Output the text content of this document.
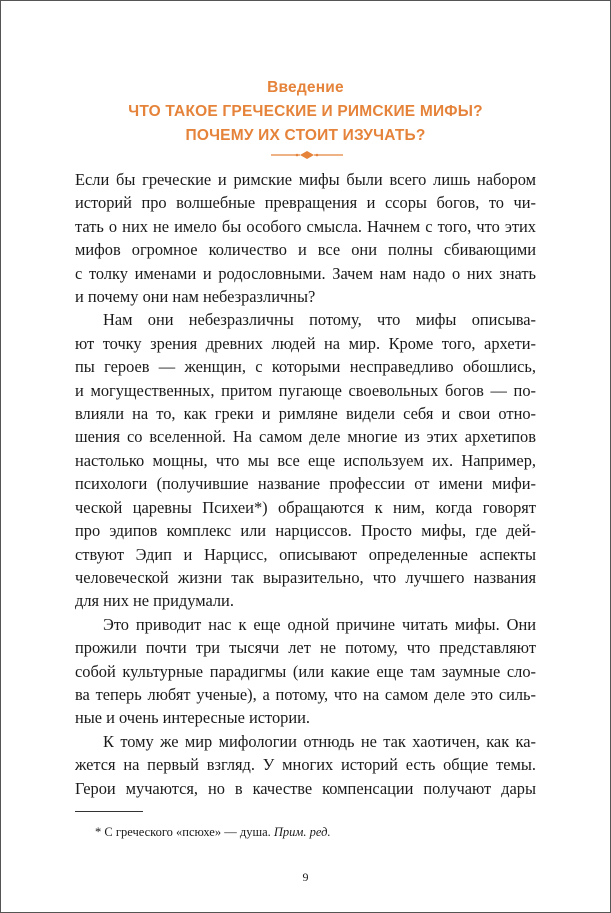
Введение
ЧТО ТАКОЕ ГРЕЧЕСКИЕ И РИМСКИЕ МИФЫ?
ПОЧЕМУ ИХ СТОИТ ИЗУЧАТЬ?

Если бы греческие и римские мифы были всего лишь набором

историй про волшебные превращения и ссоры богов, то чи-

тать о них не имело бы особого смысла. Начнем с того, что этих

мифов огромное количество и все они полны сбивающими

с толку именами и родословными. Зачем нам надо о них знать

и почему они нам небезразличны?

Нам они небезразличны потому, что мифы описыва-

ют точку зрения древних людей на мир. Кроме того, архети-

пы героев — женщин, с которыми несправедливо обошлись,

и могущественных, притом пугающе своевольных богов — по-

влияли на то, как греки и римляне видели себя и свои отно-

шения со вселенной. На самом деле многие из этих архетипов

настолько мощны, что мы все еще используем их. Например,

психологи (получившие название профессии от имени мифи-

ческой царевны Психеи*) обращаются к ним, когда говорят

про эдипов комплекс или нарциссов. Просто мифы, где дей-

ствуют Эдип и Нарцисс, описывают определенные аспекты

человеческой жизни так выразительно, что лучшего названия

для них не придумали.

Это приводит нас к еще одной причине читать мифы. Они

прожили почти три тысячи лет не потому, что представляют

собой культурные парадигмы (или какие еще там заумные сло-

ва теперь любят ученые), а потому, что на самом деле это силь-

ные и очень интересные истории.

К тому же мир мифологии отнюдь не так хаотичен, как ка-

жется на первый взгляд. У многих историй есть общие темы.

Герои мучаются, но в качестве компенсации получают дары

* С греческого «псюхе» — душа. Прим. ред.
9
